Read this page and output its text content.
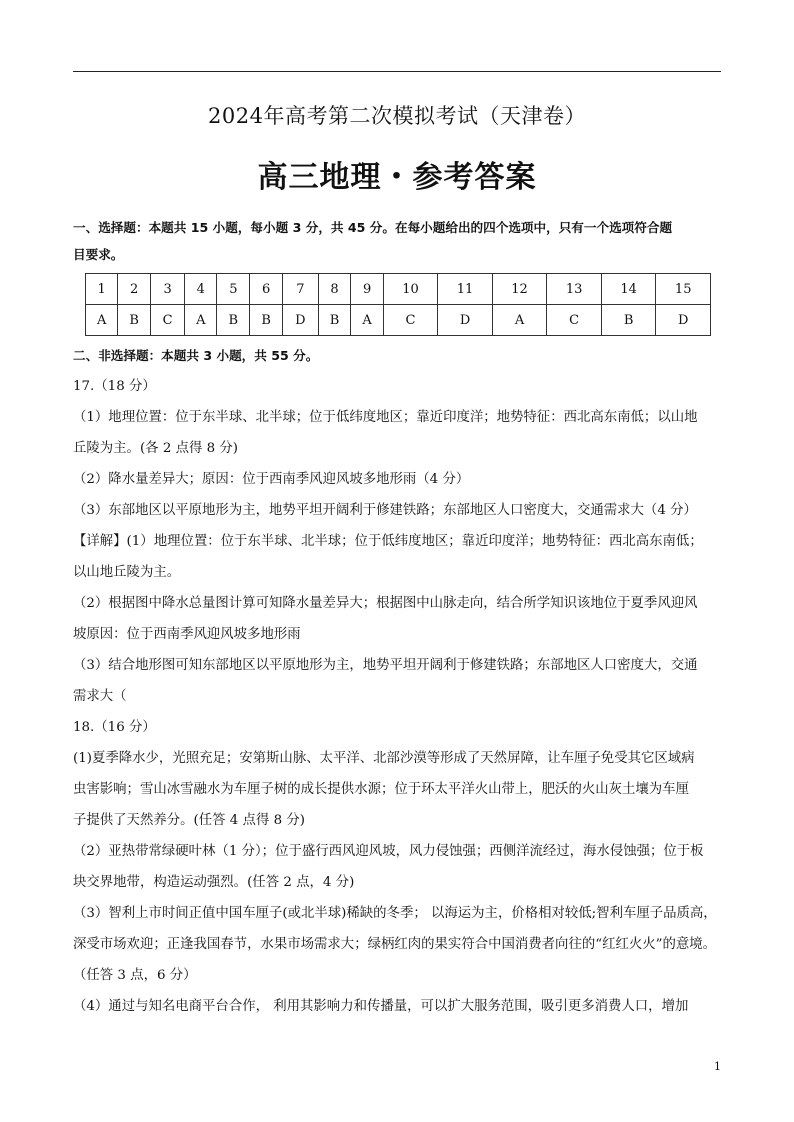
2024年高考第二次模拟考试（天津卷）
高三地理・参考答案
一、选择题：本题共 15 小题，每小题 3 分，共 45 分。在每小题给出的四个选项中，只有一个选项符合题
目要求。
1	2	3	4	5	6	7	8	9	10	11	12	13	14	15
A	B	C	A	B	B	D	B	A	C	D	A	C	B	D
二、非选择题：本题共 3 小题，共 55 分。
17.（18 分）
（1）地理位置：位于东半球、北半球；位于低纬度地区；靠近印度洋；地势特征：西北高东南低；以山地
丘陵为主。(各 2 点得 8 分)
（2）降水量差异大；原因：位于西南季风迎风坡多地形雨（4 分）
（3）东部地区以平原地形为主，地势平坦开阔利于修建铁路；东部地区人口密度大，交通需求大（4 分）
【详解】(1）地理位置：位于东半球、北半球；位于低纬度地区；靠近印度洋；地势特征：西北高东南低；
以山地丘陵为主。
（2）根据图中降水总量图计算可知降水量差异大；根据图中山脉走向，结合所学知识该地位于夏季风迎风
坡原因：位于西南季风迎风坡多地形雨
（3）结合地形图可知东部地区以平原地形为主，地势平坦开阔利于修建铁路；东部地区人口密度大，交通
需求大（
18.（16 分）
(1)夏季降水少，光照充足；安第斯山脉、太平洋、北部沙漠等形成了天然屏障，让车厘子免受其它区域病
虫害影响；雪山冰雪融水为车厘子树的成长提供水源；位于环太平洋火山带上，肥沃的火山灰土壤为车厘
子提供了天然养分。(任答 4 点得 8 分)
（2）亚热带常绿硬叶林（1 分）；位于盛行西风迎风坡，风力侵蚀强；西侧洋流经过，海水侵蚀强；位于板
块交界地带，构造运动强烈。(任答 2 点，4 分)
（3）智利上市时间正值中国车厘子(或北半球)稀缺的冬季； 以海运为主，价格相对较低;智利车厘子品质高，
深受市场欢迎；正逢我国春节，水果市场需求大；绿柄红肉的果实符合中国消费者向往的“红红火火”的意境。
（任答 3 点，6 分）
（4）通过与知名电商平台合作， 利用其影响力和传播量，可以扩大服务范围，吸引更多消费人口，增加
1
